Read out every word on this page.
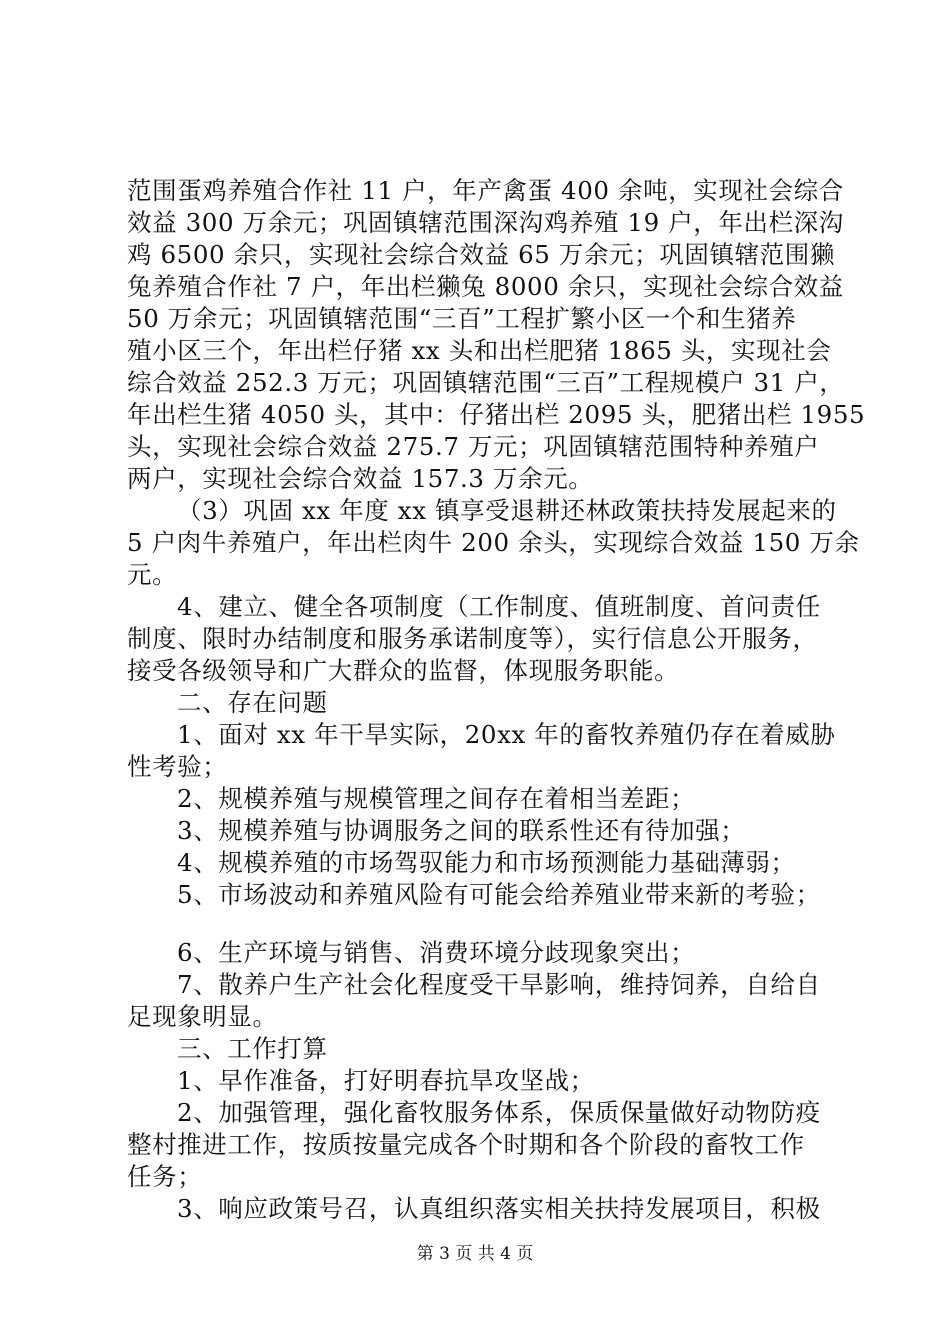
范围蛋鸡养殖合作社 11 户，年产禽蛋 400 余吨，实现社会综合
效益 300 万余元；巩固镇辖范围深沟鸡养殖 19 户，年出栏深沟
鸡 6500 余只，实现社会综合效益 65 万余元；巩固镇辖范围獭
兔养殖合作社 7 户，年出栏獭兔 8000 余只，实现社会综合效益
50 万余元；巩固镇辖范围“三百”工程扩繁小区一个和生猪养
殖小区三个，年出栏仔猪 xx 头和出栏肥猪 1865 头，实现社会
综合效益 252.3 万元；巩固镇辖范围“三百”工程规模户 31 户，
年出栏生猪 4050 头，其中：仔猪出栏 2095 头，肥猪出栏 1955
头，实现社会综合效益 275.7 万元；巩固镇辖范围特种养殖户
两户，实现社会综合效益 157.3 万余元。
（3）巩固 xx 年度 xx 镇享受退耕还林政策扶持发展起来的
5 户肉牛养殖户，年出栏肉牛 200 余头，实现综合效益 150 万余
元。
4、建立、健全各项制度（工作制度、值班制度、首问责任
制度、限时办结制度和服务承诺制度等），实行信息公开服务，
接受各级领导和广大群众的监督，体现服务职能。
二、存在问题
1、面对 xx 年干旱实际，20xx 年的畜牧养殖仍存在着威胁
性考验；
2、规模养殖与规模管理之间存在着相当差距；
3、规模养殖与协调服务之间的联系性还有待加强；
4、规模养殖的市场驾驭能力和市场预测能力基础薄弱；
5、市场波动和养殖风险有可能会给养殖业带来新的考验；
6、生产环境与销售、消费环境分歧现象突出；
7、散养户生产社会化程度受干旱影响，维持饲养，自给自
足现象明显。
三、工作打算
1、早作准备，打好明春抗旱攻坚战；
2、加强管理，强化畜牧服务体系，保质保量做好动物防疫
整村推进工作，按质按量完成各个时期和各个阶段的畜牧工作
任务；
3、响应政策号召，认真组织落实相关扶持发展项目，积极
第 3 页 共 4 页
